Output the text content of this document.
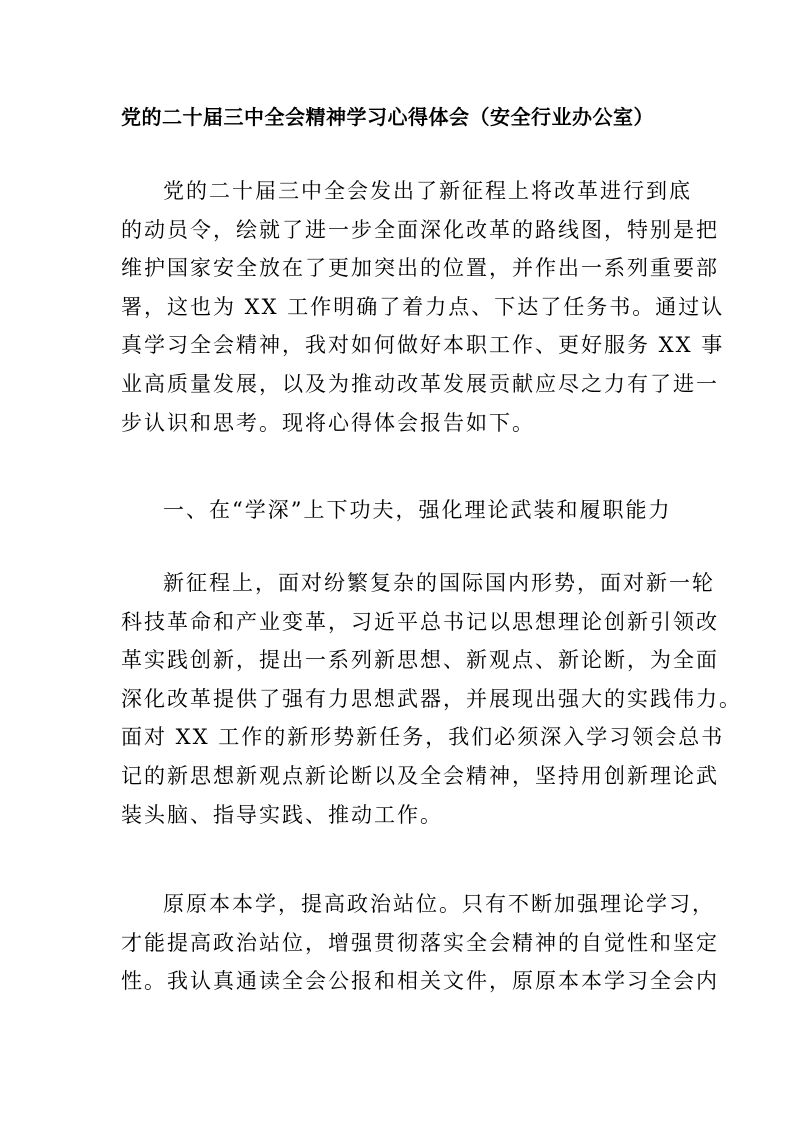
党的二十届三中全会精神学习心得体会（安全行业办公室）
党的二十届三中全会发出了新征程上将改革进行到底
的动员令，绘就了进一步全面深化改革的路线图，特别是把
维护国家安全放在了更加突出的位置，并作出一系列重要部
署，这也为 XX 工作明确了着力点、下达了任务书。通过认
真学习全会精神，我对如何做好本职工作、更好服务 XX 事
业高质量发展，以及为推动改革发展贡献应尽之力有了进一
步认识和思考。现将心得体会报告如下。
一、在“学深”上下功夫，强化理论武装和履职能力
新征程上，面对纷繁复杂的国际国内形势，面对新一轮
科技革命和产业变革，习近平总书记以思想理论创新引领改
革实践创新，提出一系列新思想、新观点、新论断，为全面
深化改革提供了强有力思想武器，并展现出强大的实践伟力。
面对 XX 工作的新形势新任务，我们必须深入学习领会总书
记的新思想新观点新论断以及全会精神，坚持用创新理论武
装头脑、指导实践、推动工作。
原原本本学，提高政治站位。只有不断加强理论学习，
才能提高政治站位，增强贯彻落实全会精神的自觉性和坚定
性。我认真通读全会公报和相关文件，原原本本学习全会内
